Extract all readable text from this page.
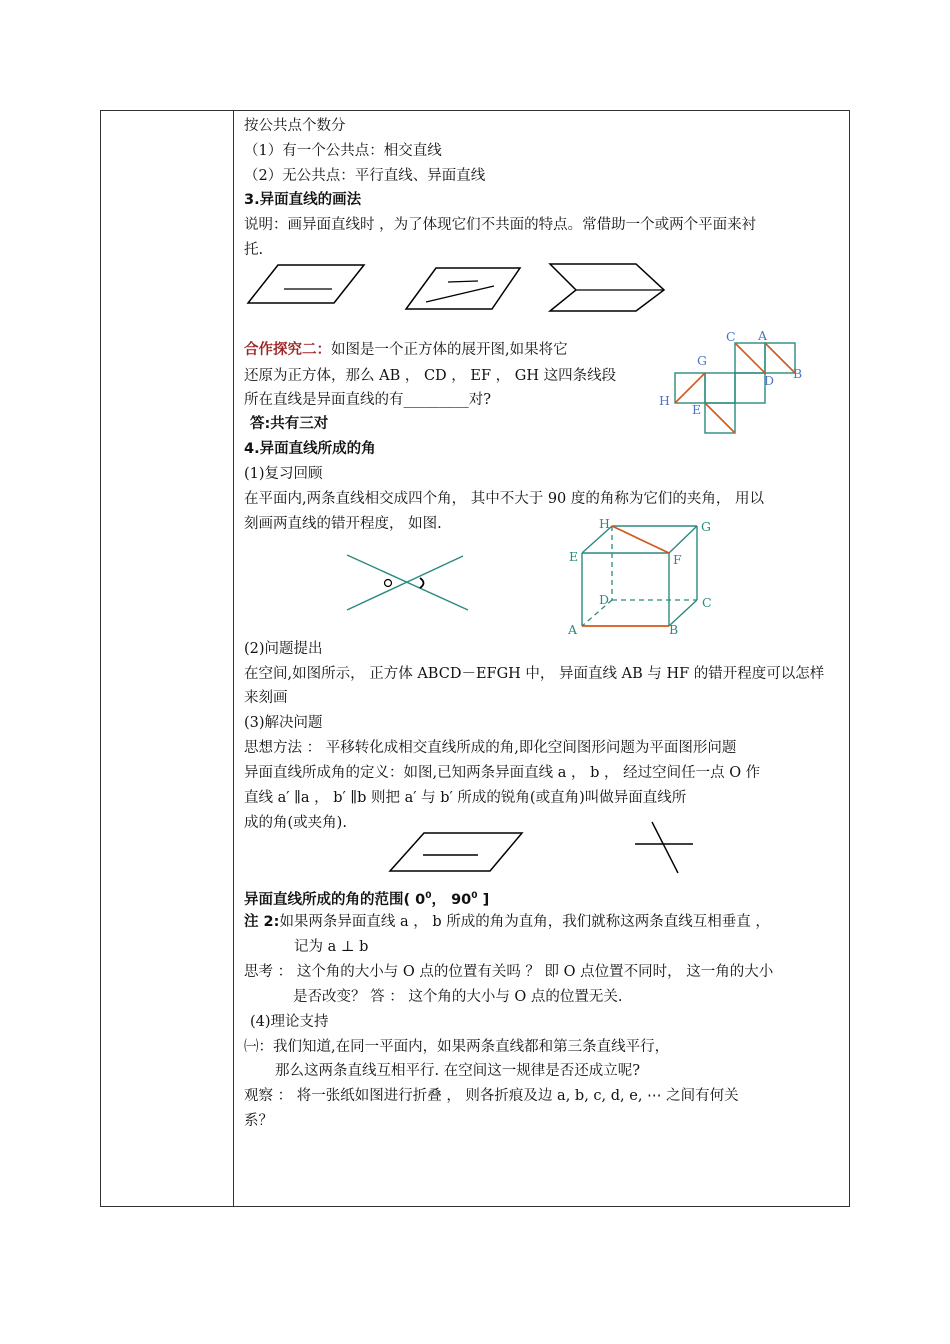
按公共点个数分
（1）有一个公共点：相交直线
（2）无公共点：平行直线、异面直线
3.异面直线的画法
说明：画异面直线时 ，为了体现它们不共面的特点。常借助一个或两个平面来衬
托.
合作探究二：如图是一个正方体的展开图,如果将它
还原为正方体，那么 AB ， CD ， EF ， GH 这四条线段
所在直线是异面直线的有_________对?
答:共有三对
C A
G
D B
H
E
4.异面直线所成的角
(1)复习回顾
在平面内,两条直线相交成四个角， 其中不大于 90 度的角称为它们的夹角， 用以
刻画两直线的错开程度， 如图.	H	G
E	F
D	C
A	B
(2)问题提出
在空间,如图所示， 正方体 ABCD－EFGH 中， 异面直线 AB 与 HF 的错开程度可以怎样
来刻画
(3)解决问题
思想方法 ： 平移转化成相交直线所成的角,即化空间图形问题为平面图形问题
异面直线所成角的定义：如图,已知两条异面直线 a ， b ， 经过空间任一点 O 作
直线 a′ ∥a ， b′ ∥b 则把 a′ 与 b′ 所成的锐角(或直角)叫做异面直线所
成的角(或夹角).
异面直线所成的角的范围( $0^0$， $90^0$ ]
注 2:如果两条异面直线 a ， b 所成的角为直角，我们就称这两条直线互相垂直 ，
记为 a ⊥ b
思考 ： 这个角的大小与 O 点的位置有关吗 ？ 即 O 点位置不同时， 这一角的大小
是否改变？ 答 ： 这个角的大小与 O 点的位置无关.
(4)理论支持
㈠：我们知道,在同一平面内，如果两条直线都和第三条直线平行，
那么这两条直线互相平行. 在空间这一规律是否还成立呢?
观察 ： 将一张纸如图进行折叠 ， 则各折痕及边 a, b, c, d, e, ⋯ 之间有何关
系？
